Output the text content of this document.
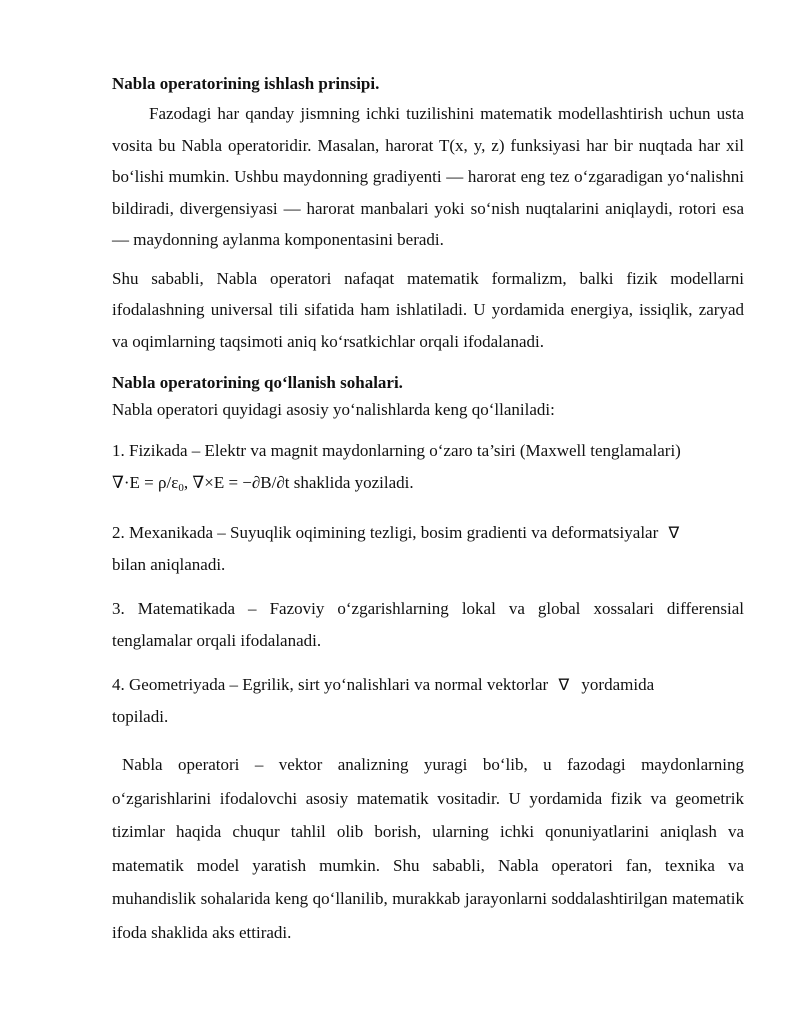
Nabla operatorining ishlash prinsipi.

Fazodagi har qanday jismning ichki tuzilishini matematik modellashtirish uchun usta vosita bu Nabla operatoridir. Masalan, harorat T(x, y, z) funksiyasi har bir nuqtada har xil bo‘lishi mumkin. Ushbu maydonning gradiyenti — harorat eng tez o‘zgaradigan yo‘nalishni bildiradi, divergensiyasi — harorat manbalari yoki so‘nish nuqtalarini aniqlaydi, rotori esa — maydonning aylanma komponentasini beradi.

Shu sababli, Nabla operatori nafaqat matematik formalizm, balki fizik modellarni ifodalashning universal tili sifatida ham ishlatiladi. U yordamida energiya, issiqlik, zaryad va oqimlarning taqsimoti aniq ko‘rsatkichlar orqali ifodalanadi.

Nabla operatorining qo‘llanish sohalari.

Nabla operatori quyidagi asosiy yo‘nalishlarda keng qo‘llaniladi:

1. Fizikada – Elektr va magnit maydonlarning o‘zaro ta’siri (Maxwell tenglamalari)
$\nabla\cdot E = \rho/\varepsilon_0$, ∇×E = −∂B/∂t shaklida yoziladi.
2. Mexanikada – Suyuqlik oqimining tezligi, bosim gradienti va deformatsiyalar ∇
bilan aniqlanadi.
3. Matematikada – Fazoviy o‘zgarishlarning lokal va global xossalari differensial tenglamalar orqali ifodalanadi.
4. Geometriyada – Egrilik, sirt yo‘nalishlari va normal vektorlar ∇ yordamida
topiladi.

Nabla operatori – vektor analizning yuragi bo‘lib, u fazodagi maydonlarning o‘zgarishlarini ifodalovchi asosiy matematik vositadir. U yordamida fizik va geometrik tizimlar haqida chuqur tahlil olib borish, ularning ichki qonuniyatlarini aniqlash va matematik model yaratish mumkin. Shu sababli, Nabla operatori fan, texnika va muhandislik sohalarida keng qo‘llanilib, murakkab jarayonlarni soddalashtirilgan matematik ifoda shaklida aks ettiradi.
